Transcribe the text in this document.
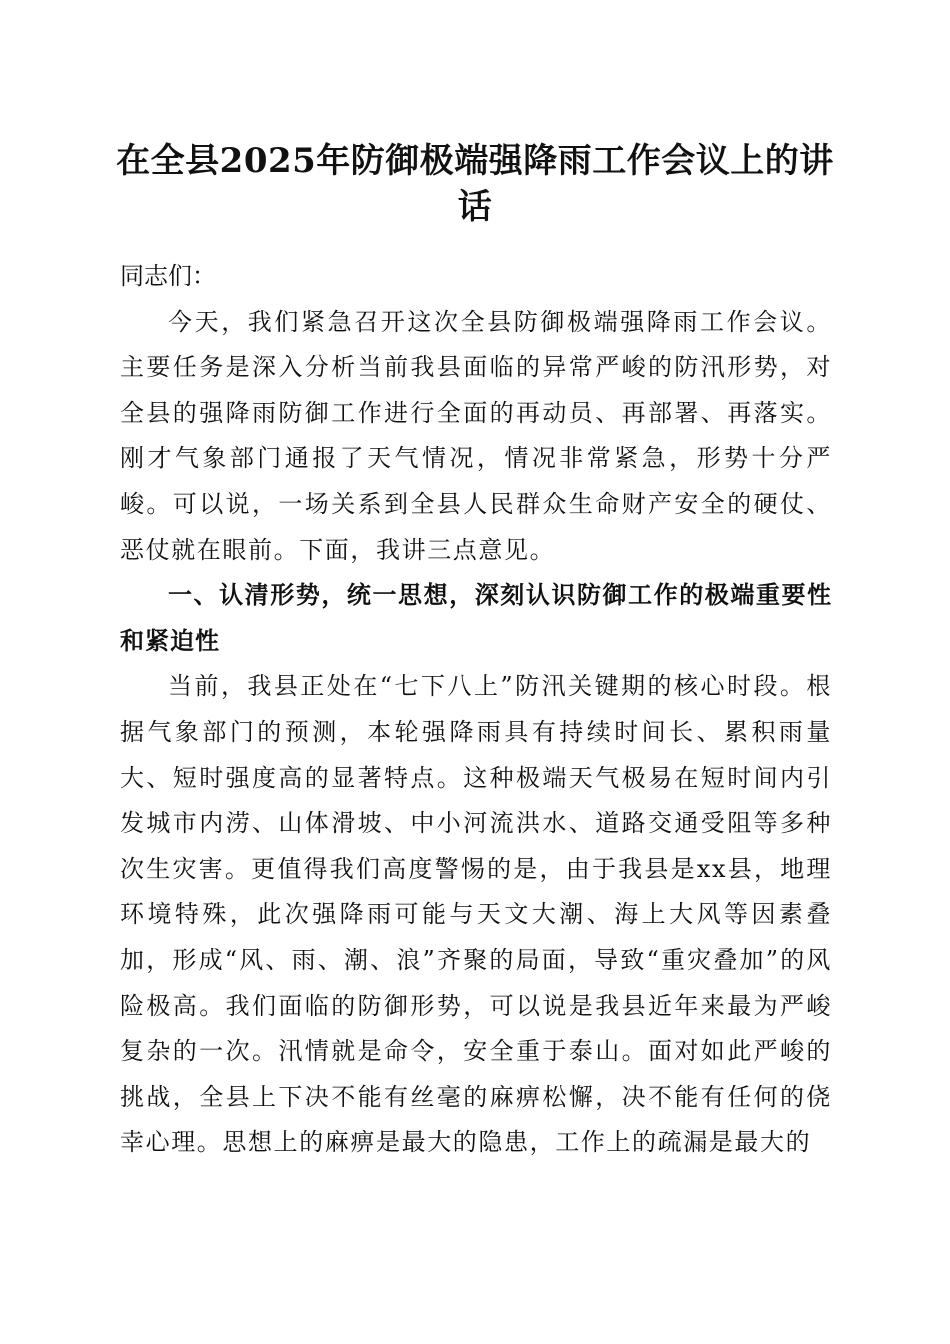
在全县2025年防御极端强降雨工作会议上的讲话

同志们：

今天，我们紧急召开这次全县防御极端强降雨工作会议。主要任务是深入分析当前我县面临的异常严峻的防汛形势，对全县的强降雨防御工作进行全面的再动员、再部署、再落实。刚才气象部门通报了天气情况，情况非常紧急，形势十分严峻。可以说，一场关系到全县人民群众生命财产安全的硬仗、恶仗就在眼前。下面，我讲三点意见。

一、认清形势，统一思想，深刻认识防御工作的极端重要性和紧迫性

当前，我县正处在“七下八上”防汛关键期的核心时段。根据气象部门的预测，本轮强降雨具有持续时间长、累积雨量大、短时强度高的显著特点。这种极端天气极易在短时间内引发城市内涝、山体滑坡、中小河流洪水、道路交通受阻等多种次生灾害。更值得我们高度警惕的是，由于我县是xx县，地理环境特殊，此次强降雨可能与天文大潮、海上大风等因素叠加，形成“风、雨、潮、浪”齐聚的局面，导致“重灾叠加”的风险极高。我们面临的防御形势，可以说是我县近年来最为严峻复杂的一次。汛情就是命令，安全重于泰山。面对如此严峻的挑战，全县上下决不能有丝毫的麻痹松懈，决不能有任何的侥幸心理。思想上的麻痹是最大的隐患，工作上的疏漏是最大的
